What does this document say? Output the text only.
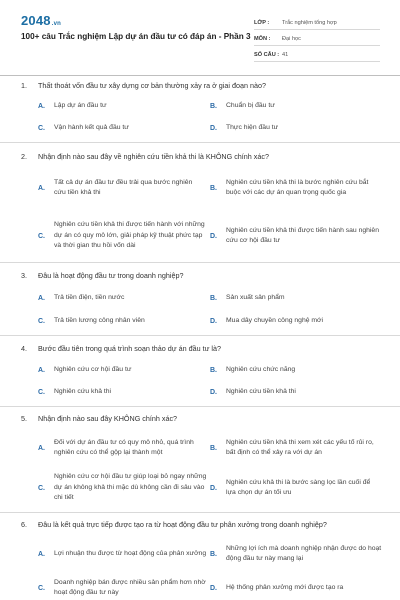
2048.vn
100+ câu Trắc nghiệm Lập dự án đầu tư có đáp án - Phần 3
LỚP :	Trắc nghiệm tổng hợp
MÔN :	Đại học
SỐ CÂU : 41
1. Thất thoát vốn đầu tư xây dựng cơ bản thường xảy ra ở giai đoạn nào?
A.	Lập dự án đầu tư	B.	Chuẩn bị đầu tư
C.	Vận hành kết quả đầu tư	D.	Thực hiện đầu tư
2. Nhận định nào sau đây về nghiên cứu tiền khả thi là KHÔNG chính xác?
A.
Tất cả dự án đầu tư đều trải qua bước nghiên cứu tiền khả thi
B.
Nghiên cứu tiền khả thi là bước nghiên cứu bắt buộc với các dự án quan trọng quốc gia
C.
Nghiên cứu tiền khả thi được tiến hành với những dự án có quy mô lớn, giải pháp kỹ thuật phức tạp và thời gian thu hồi vốn dài
D.
Nghiên cứu tiền khả thi được tiến hành sau nghiên cứu cơ hội đầu tư
3. Đâu là hoạt động đầu tư trong doanh nghiệp?
A.	Trả tiền điện, tiền nước	B.	Sản xuất sản phẩm
C.	Trả tiền lương công nhân viên	D.	Mua dây chuyền công nghệ mới
4. Bước đầu tiên trong quá trình soạn thảo dự án đầu tư là?
A.	Nghiên cứu cơ hội đầu tư	B.	Nghiên cứu chức năng
C.	Nghiên cứu khả thi	D.	Nghiên cứu tiền khả thi
5. Nhận định nào sau đây KHÔNG chính xác?
A.
Đối với dự án đầu tư có quy mô nhỏ, quá trình nghiên cứu có thể gộp lại thành một
B.
Nghiên cứu tiền khả thi xem xét các yếu tố rủi ro, bất định có thể xảy ra với dự án
C.
Nghiên cứu cơ hội đầu tư giúp loại bỏ ngay những dự án không khả thi mặc dù không cần đi sâu vào chi tiết
D.
Nghiên cứu khả thi là bước sàng lọc lần cuối để lựa chọn dự án tối ưu
6. Đâu là kết quả trực tiếp được tạo ra từ hoạt động đầu tư phân xưởng trong doanh nghiệp?
A.	Lợi nhuận thu được từ hoạt động của phân xưởng B.
Những lợi ích mà doanh nghiệp nhận được do hoạt động đầu tư này mang lại
C.
Doanh nghiệp bán được nhiều sản phẩm hơn nhờ hoạt động đầu tư này
D.	Hệ thống phân xưởng mới được tạo ra
